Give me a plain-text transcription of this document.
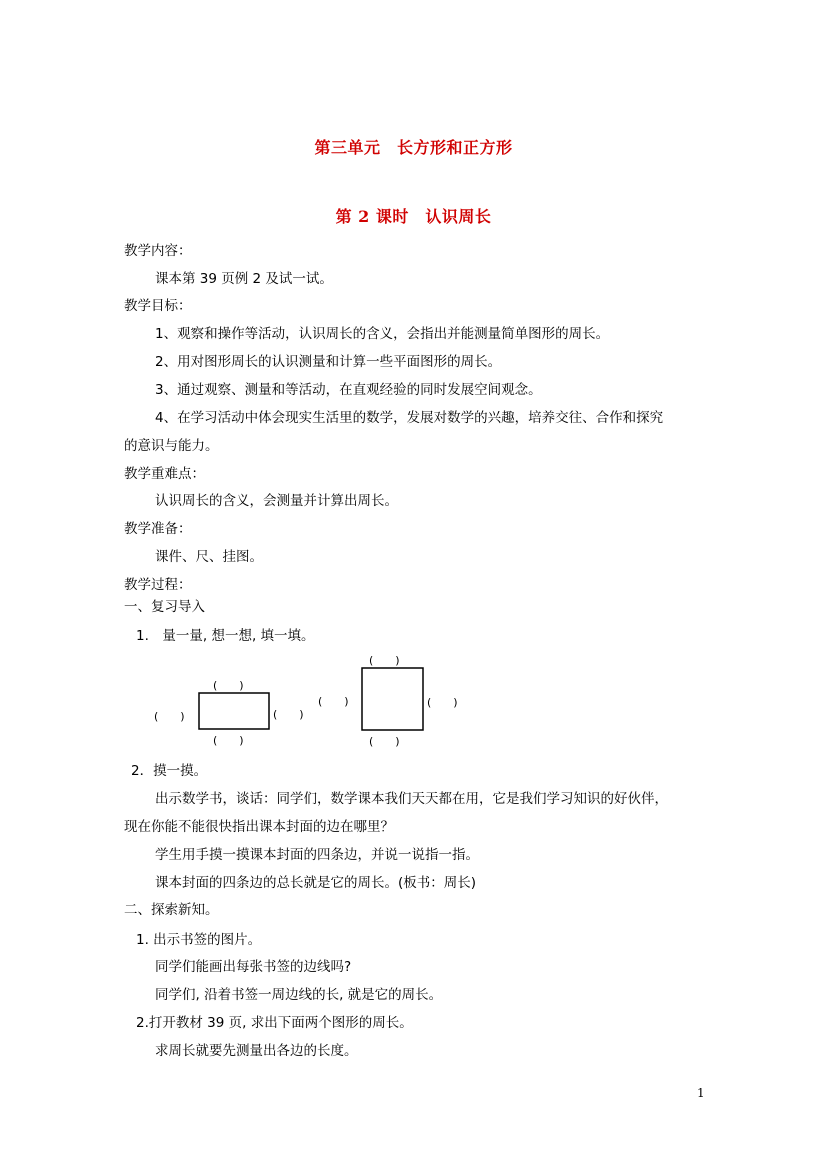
第三单元　长方形和正方形
第 2 课时　认识周长
教学内容：
课本第 39 页例 2 及试一试。
教学目标：
1、观察和操作等活动，认识周长的含义，会指出并能测量简单图形的周长。
2、用对图形周长的认识测量和计算一些平面图形的周长。
3、通过观察、测量和等活动，在直观经验的同时发展空间观念。
4、在学习活动中体会现实生活里的数学，发展对数学的兴趣，培养交往、合作和探究
的意识与能力。
教学重难点：
认识周长的含义，会测量并计算出周长。
教学准备：
课件、尺、挂图。
教学过程：
一、复习导入
1.　量一量, 想一想, 填一填。
(　　)
(　　)
(　　)	(　　)
(　　)
(　　)
(　　)
(　　)
2．摸一摸。
出示数学书，谈话：同学们，数学课本我们天天都在用，它是我们学习知识的好伙伴，
现在你能不能很快指出课本封面的边在哪里？
学生用手摸一摸课本封面的四条边，并说一说指一指。
课本封面的四条边的总长就是它的周长。(板书：周长)
二、探索新知。
1. 出示书签的图片。
同学们能画出每张书签的边线吗?
同学们, 沿着书签一周边线的长, 就是它的周长。
2.打开教材 39 页, 求出下面两个图形的周长。
求周长就要先测量出各边的长度。
1
